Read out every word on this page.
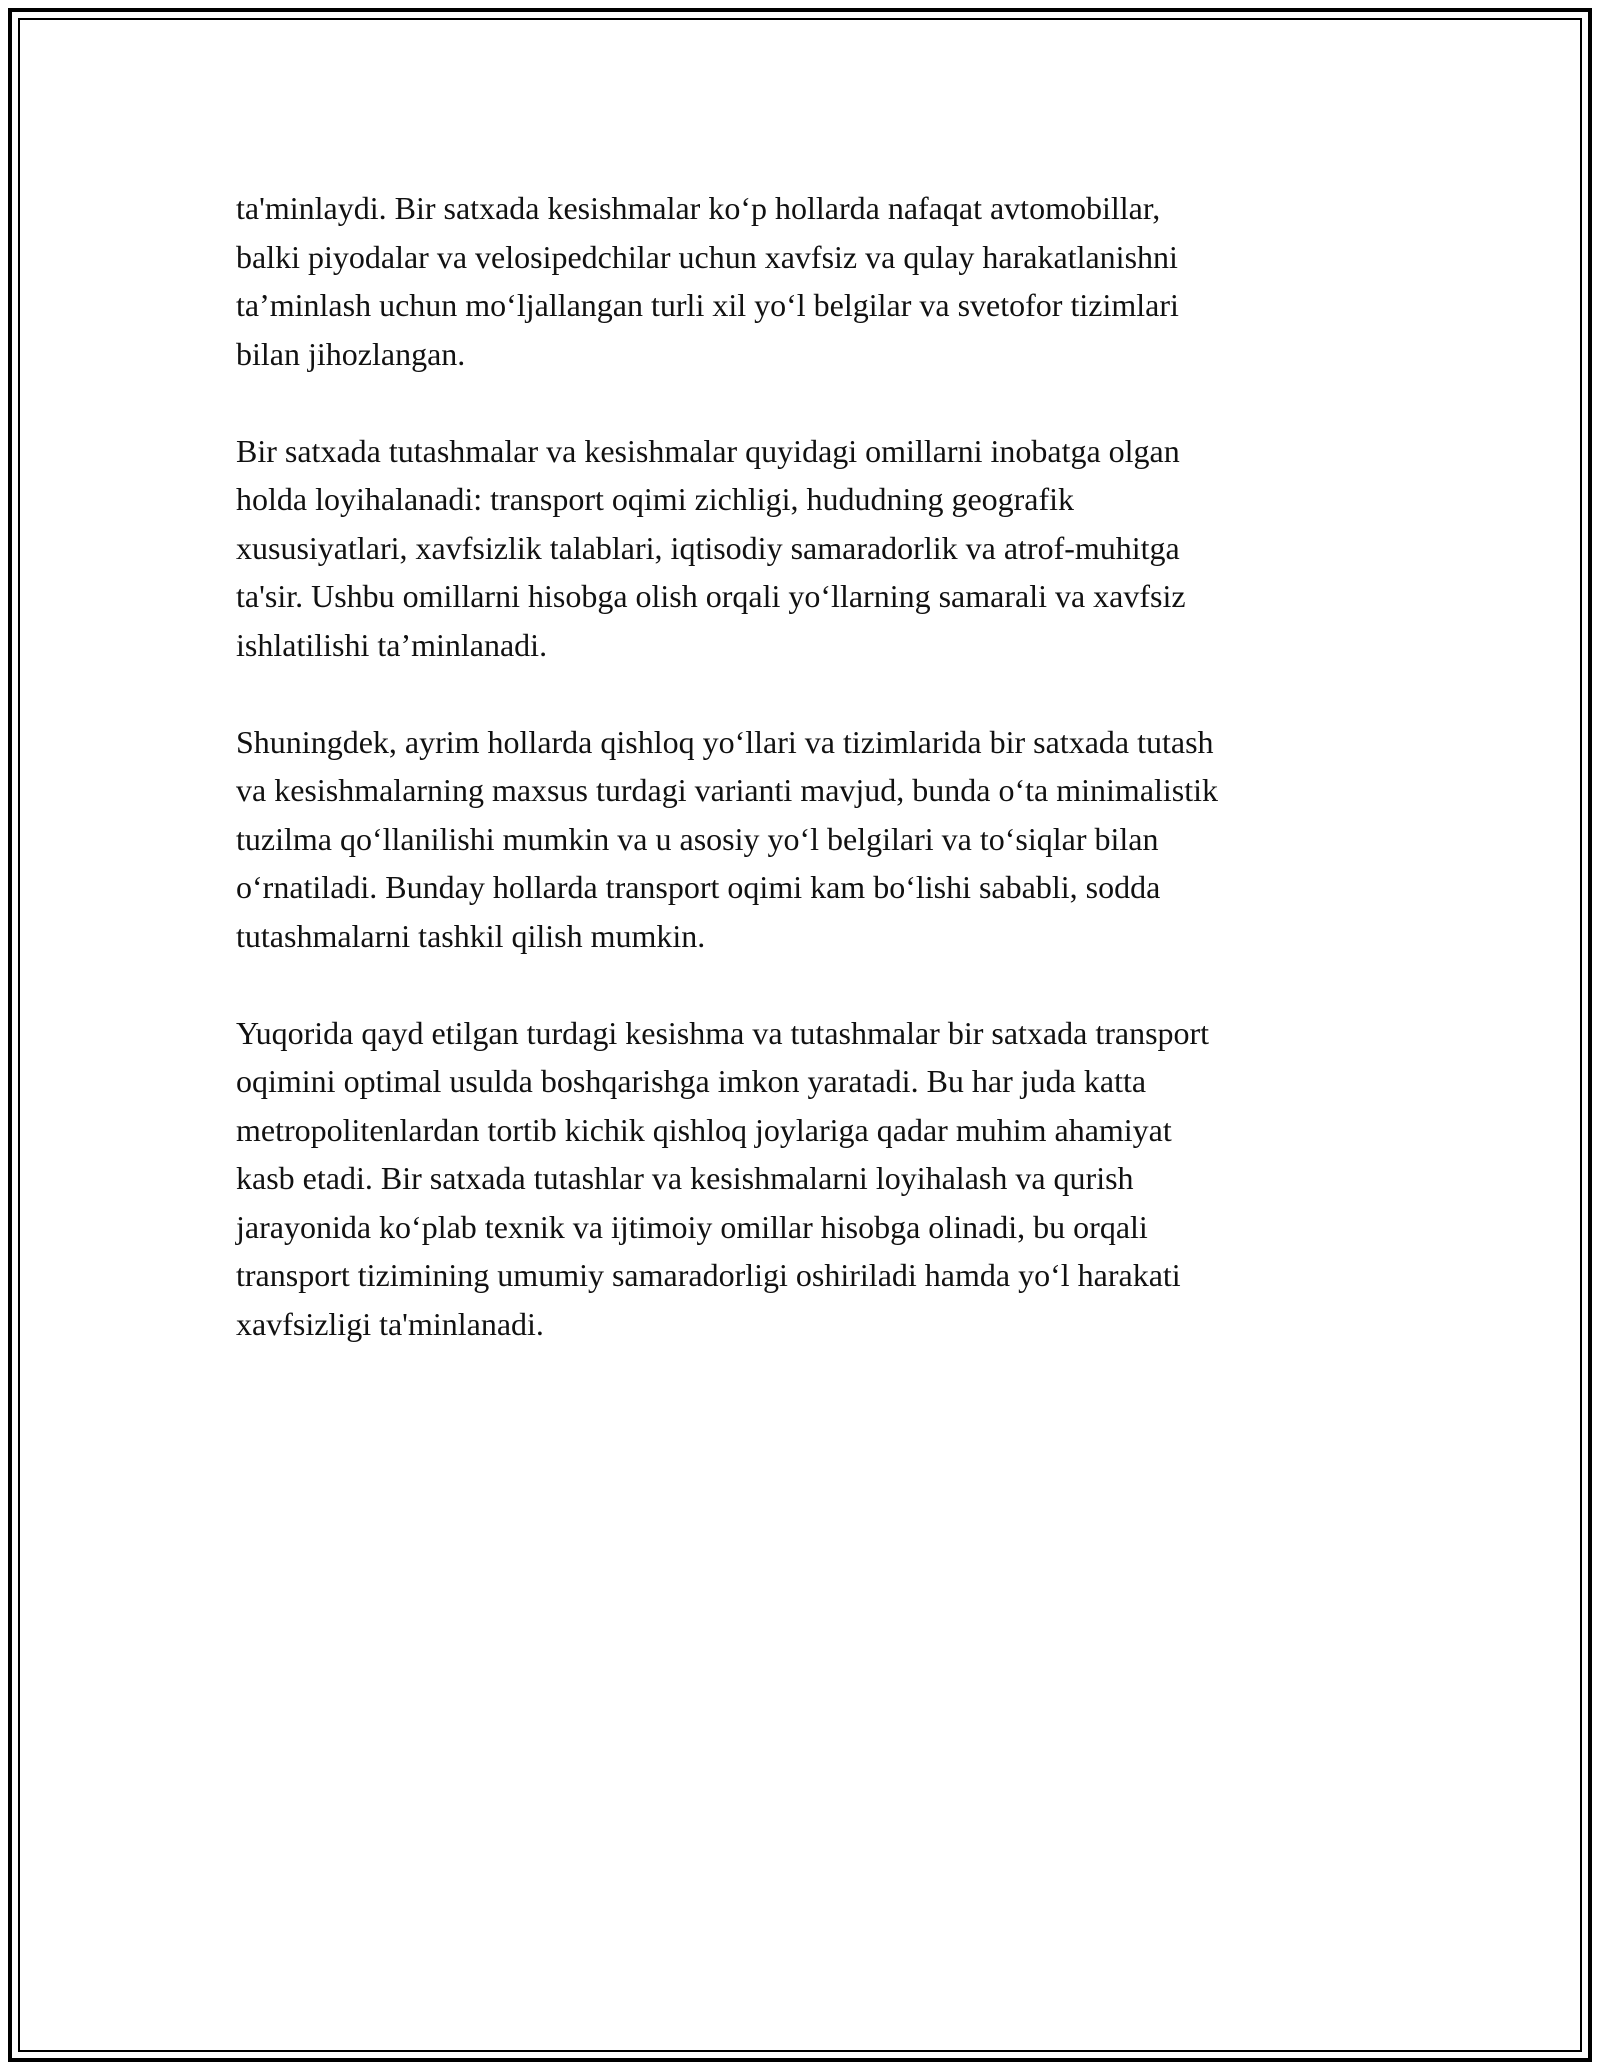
ta'minlaydi. Bir satxada kesishmalar ko‘p hollarda nafaqat avtomobillar,
balki piyodalar va velosipedchilar uchun xavfsiz va qulay harakatlanishni
ta’minlash uchun mo‘ljallangan turli xil yo‘l belgilar va svetofor tizimlari
bilan jihozlangan.

Bir satxada tutashmalar va kesishmalar quyidagi omillarni inobatga olgan
holda loyihalanadi: transport oqimi zichligi, hududning geografik
xususiyatlari, xavfsizlik talablari, iqtisodiy samaradorlik va atrof-muhitga
ta'sir. Ushbu omillarni hisobga olish orqali yo‘llarning samarali va xavfsiz
ishlatilishi ta’minlanadi.

Shuningdek, ayrim hollarda qishloq yo‘llari va tizimlarida bir satxada tutash
va kesishmalarning maxsus turdagi varianti mavjud, bunda o‘ta minimalistik
tuzilma qo‘llanilishi mumkin va u asosiy yo‘l belgilari va to‘siqlar bilan
o‘rnatiladi. Bunday hollarda transport oqimi kam bo‘lishi sababli, sodda
tutashmalarni tashkil qilish mumkin.

Yuqorida qayd etilgan turdagi kesishma va tutashmalar bir satxada transport
oqimini optimal usulda boshqarishga imkon yaratadi. Bu har juda katta
metropolitenlardan tortib kichik qishloq joylariga qadar muhim ahamiyat
kasb etadi. Bir satxada tutashlar va kesishmalarni loyihalash va qurish
jarayonida ko‘plab texnik va ijtimoiy omillar hisobga olinadi, bu orqali
transport tizimining umumiy samaradorligi oshiriladi hamda yo‘l harakati
xavfsizligi ta'minlanadi.
